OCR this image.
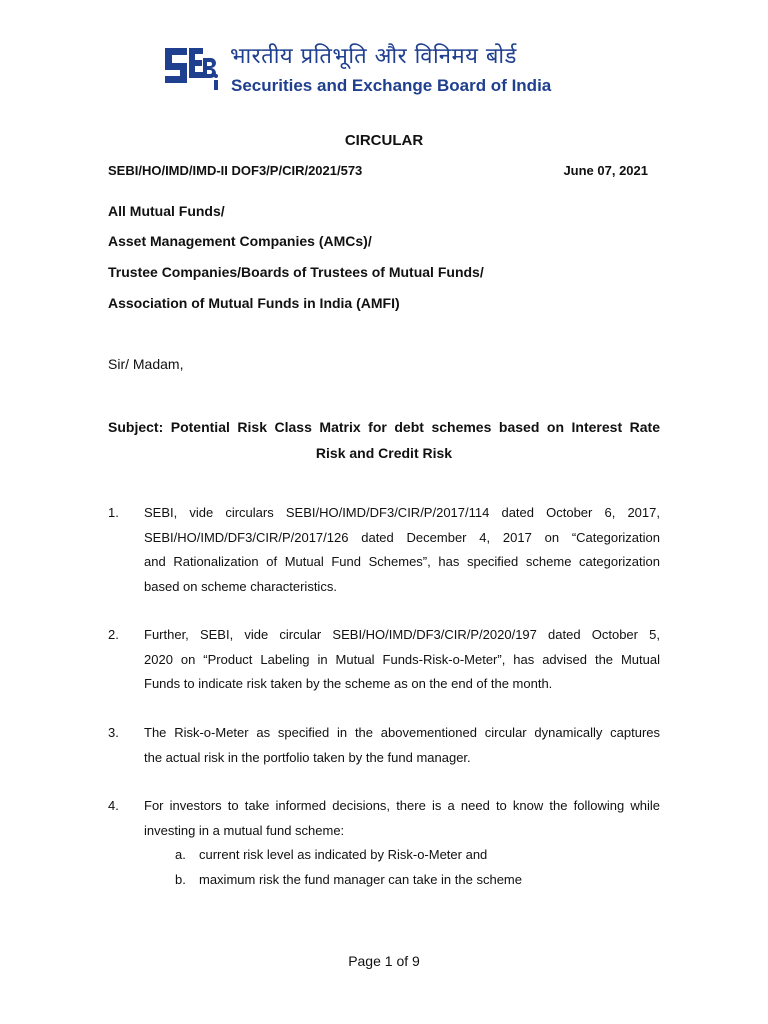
भारतीय प्रतिभूति और विनिमय बोर्ड
Securities and Exchange Board of India
CIRCULAR
SEBI/HO/IMD/IMD-II DOF3/P/CIR/2021/573	June 07, 2021
All Mutual Funds/
Asset Management Companies (AMCs)/
Trustee Companies/Boards of Trustees of Mutual Funds/
Association of Mutual Funds in India (AMFI)
Sir/ Madam,
Subject: Potential Risk Class Matrix for debt schemes based on Interest Rate
Risk and Credit Risk
1. SEBI, vide circulars SEBI/HO/IMD/DF3/CIR/P/2017/114 dated October 6, 2017,
SEBI/HO/IMD/DF3/CIR/P/2017/126 dated December 4, 2017 on “Categorization
and Rationalization of Mutual Fund Schemes”, has specified scheme categorization
based on scheme characteristics.
2. Further, SEBI, vide circular SEBI/HO/IMD/DF3/CIR/P/2020/197 dated October 5,
2020 on “Product Labeling in Mutual Funds-Risk-o-Meter”, has advised the Mutual
Funds to indicate risk taken by the scheme as on the end of the month.
3. The Risk-o-Meter as specified in the abovementioned circular dynamically captures
the actual risk in the portfolio taken by the fund manager.
4. For investors to take informed decisions, there is a need to know the following while
investing in a mutual fund scheme:
a. current risk level as indicated by Risk-o-Meter and
b. maximum risk the fund manager can take in the scheme
Page 1 of 9
